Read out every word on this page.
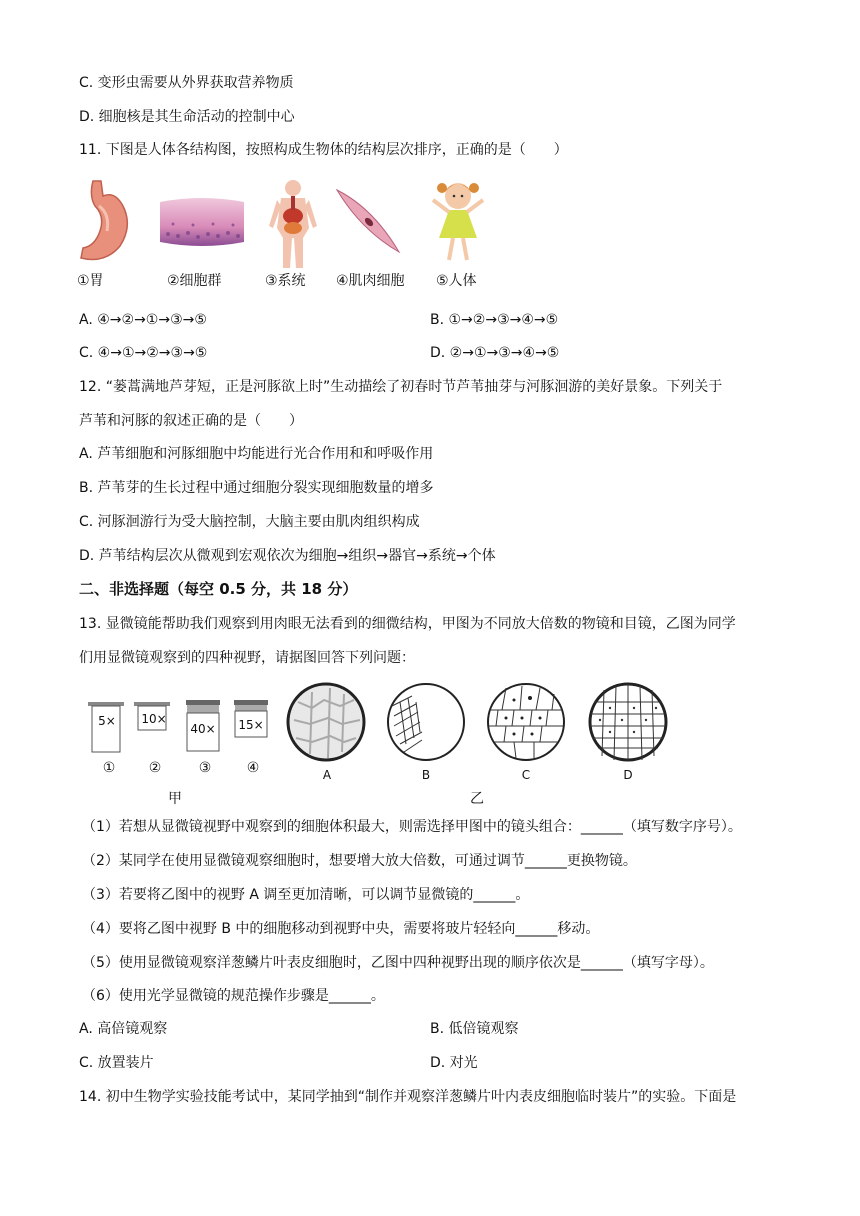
C. 变形虫需要从外界获取营养物质
D. 细胞核是其生命活动的控制中心
11. 下图是人体各结构图，按照构成生物体的结构层次排序，正确的是（　　）
①胃	②细胞群	③系统 ④肌肉细胞 ⑤人体
A. ④→②→①→③→⑤	B. ①→②→③→④→⑤
C. ④→①→②→③→⑤	D. ②→①→③→④→⑤
12. “蒌蒿满地芦芽短，正是河豚欲上时”生动描绘了初春时节芦苇抽芽与河豚洄游的美好景象。下列关于
芦苇和河豚的叙述正确的是（　　）
A. 芦苇细胞和河豚细胞中均能进行光合作用和和呼吸作用
B. 芦苇芽的生长过程中通过细胞分裂实现细胞数量的增多
C. 河豚洄游行为受大脑控制，大脑主要由肌肉组织构成
D. 芦苇结构层次从微观到宏观依次为细胞→组织→器官→系统→个体
二、非选择题（每空 0.5 分，共 18 分）
13. 显微镜能帮助我们观察到用肉眼无法看到的细微结构，甲图为不同放大倍数的物镜和目镜，乙图为同学
们用显微镜观察到的四种视野，请据图回答下列问题：
5×	10×
40× 15×
①	②	③	④	A	B	C	D
甲	乙
（1）若想从显微镜视野中观察到的细胞体积最大，则需选择甲图中的镜头组合：______（填写数字序号）。
（2）某同学在使用显微镜观察细胞时，想要增大放大倍数，可通过调节______更换物镜。
（3）若要将乙图中的视野 A 调至更加清晰，可以调节显微镜的______。
（4）要将乙图中视野 B 中的细胞移动到视野中央，需要将玻片轻轻向______移动。
（5）使用显微镜观察洋葱鳞片叶表皮细胞时，乙图中四种视野出现的顺序依次是______（填写字母）。
（6）使用光学显微镜的规范操作步骤是______。
A. 高倍镜观察	B. 低倍镜观察
C. 放置装片	D. 对光
14. 初中生物学实验技能考试中，某同学抽到“制作并观察洋葱鳞片叶内表皮细胞临时装片”的实验。下面是
